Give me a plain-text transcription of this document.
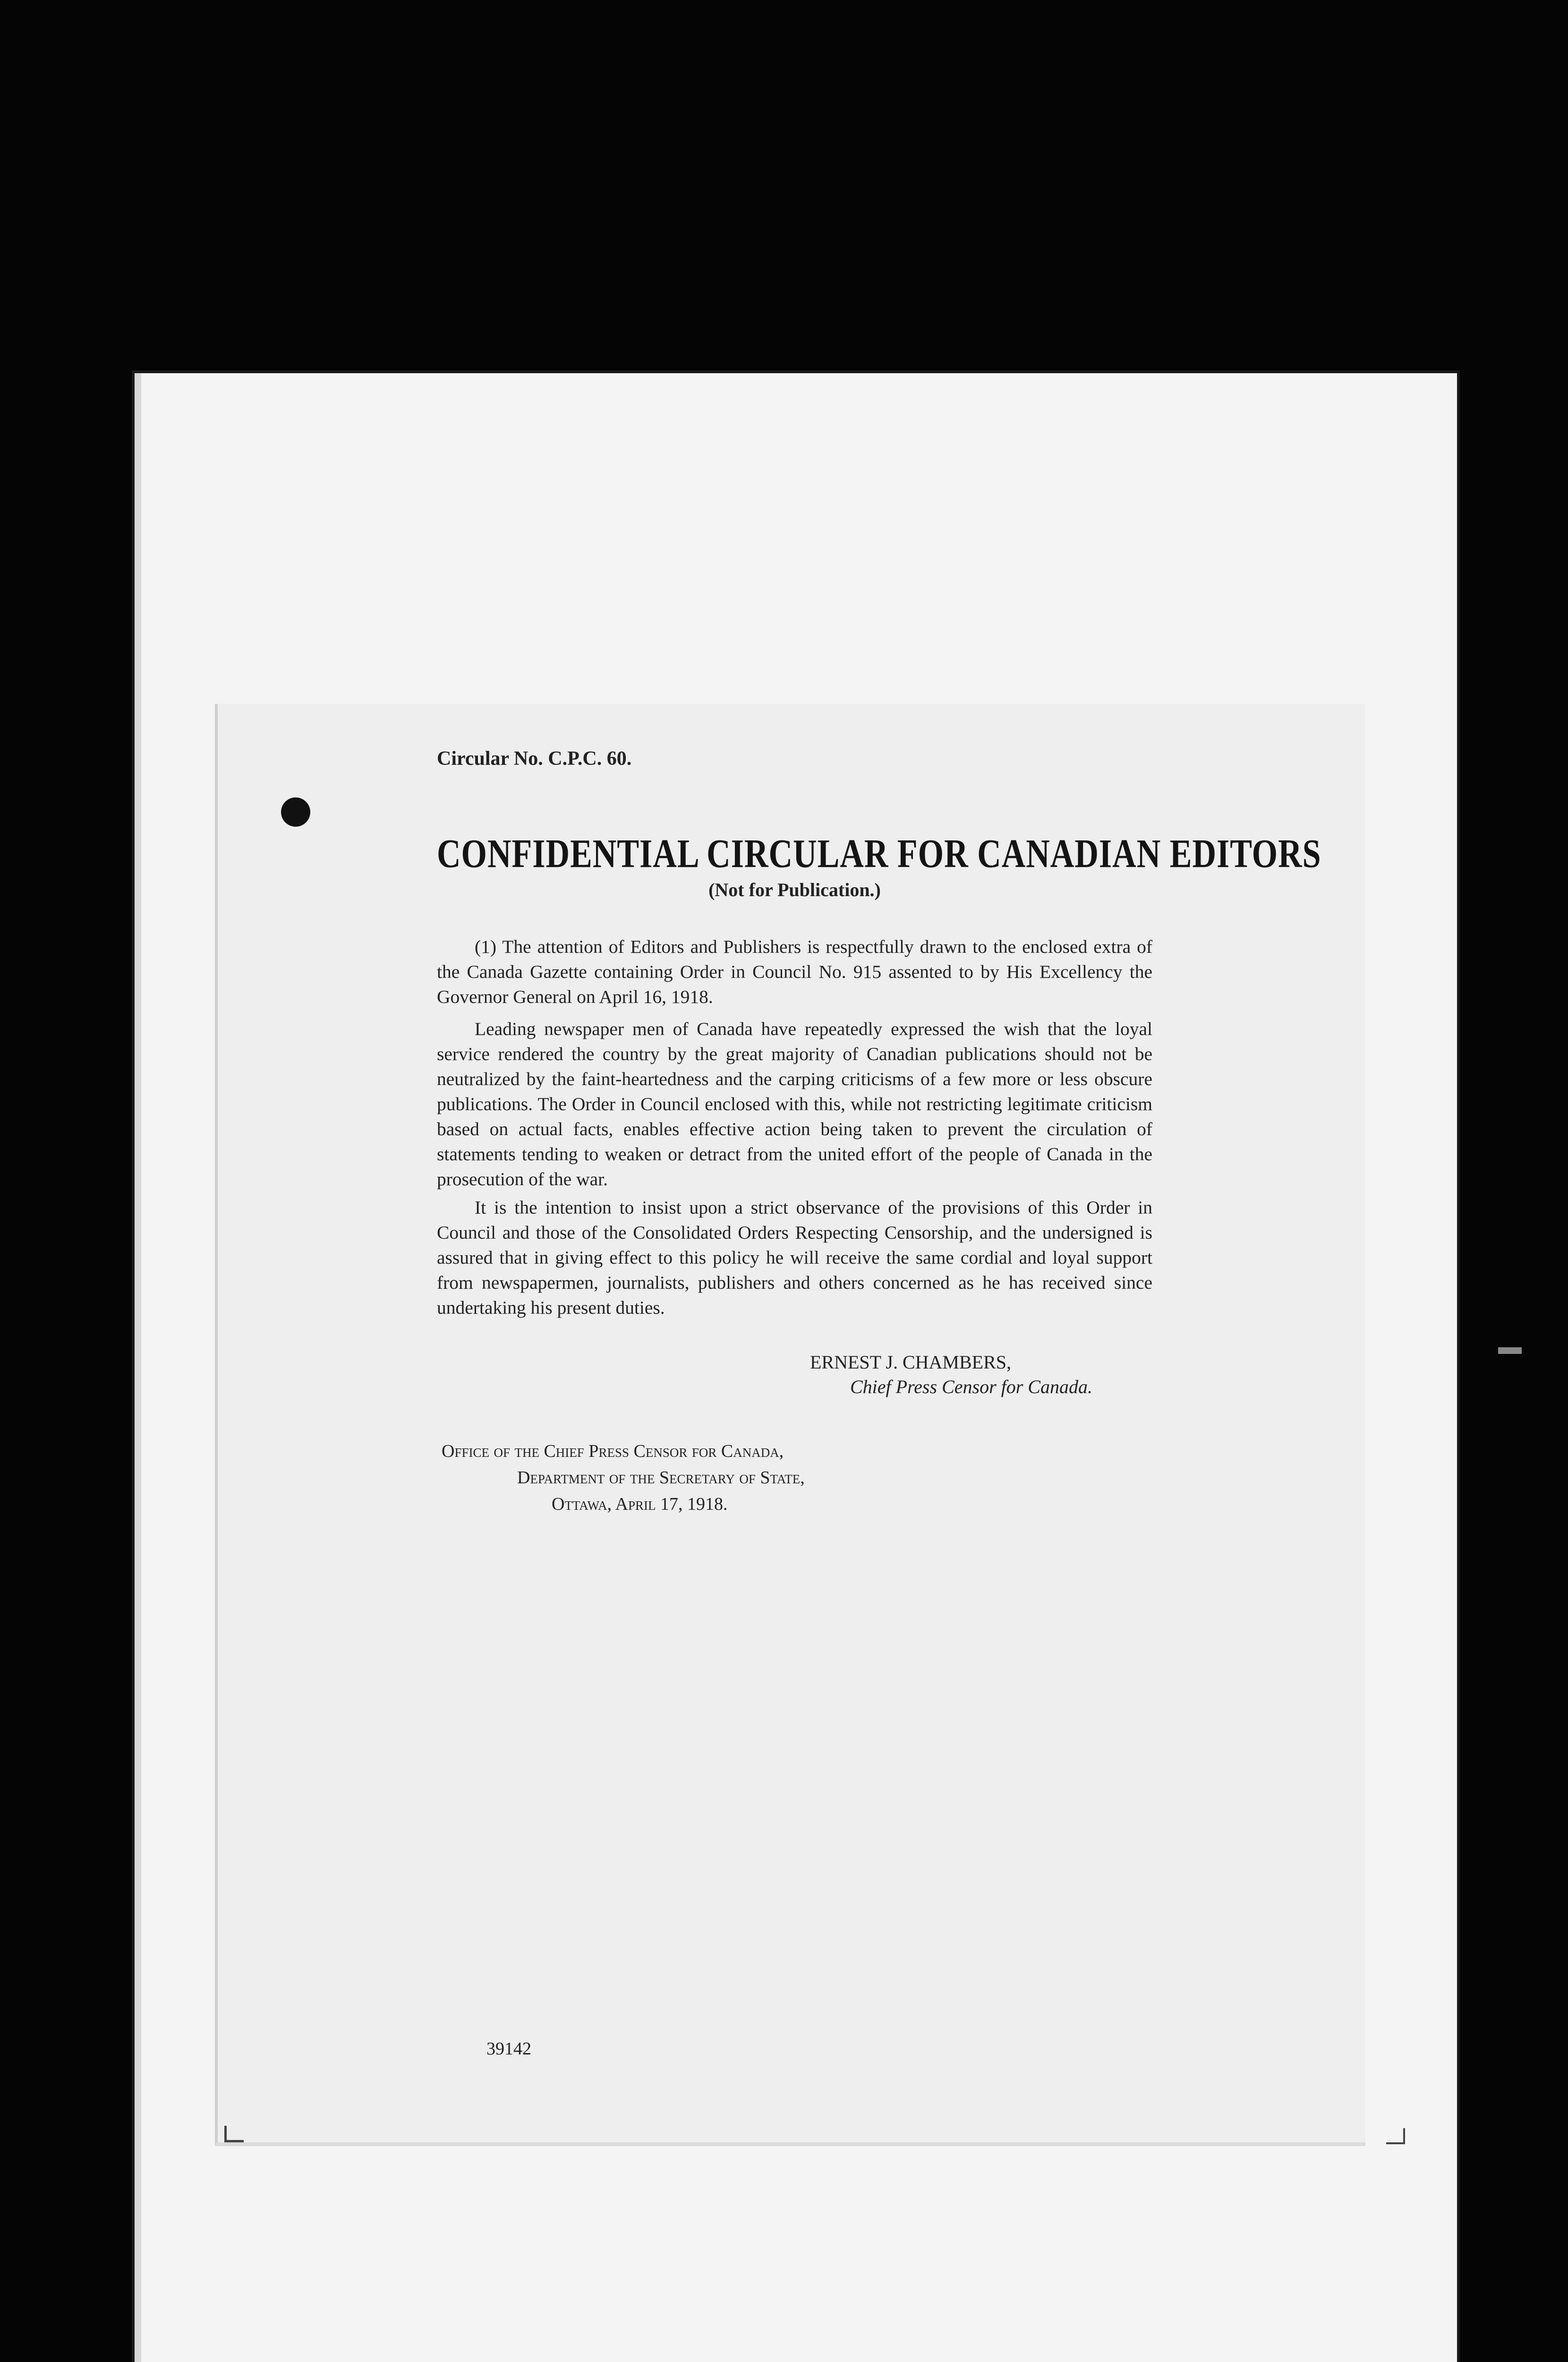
Circular No. C.P.C. 60.
CONFIDENTIAL CIRCULAR FOR CANADIAN EDITORS
(Not for Publication.)

(1) The attention of Editors and Publishers is respectfully drawn to the enclosed extra of the Canada Gazette containing Order in Council No. 915 assented to by His Excellency the Governor General on April 16, 1918.

Leading newspaper men of Canada have repeatedly expressed the wish that the loyal service rendered the country by the great majority of Canadian publications should not be neutralized by the faint-heartedness and the carping criticisms of a few more or less obscure publications. The Order in Council enclosed with this, while not restricting legitimate criticism based on actual facts, enables effective action being taken to prevent the circulation of statements tending to weaken or detract from the united effort of the people of Canada in the prosecution of the war.

It is the intention to insist upon a strict observance of the provisions of this Order in Council and those of the Consolidated Orders Respecting Censorship, and the undersigned is assured that in giving effect to this policy he will receive the same cordial and loyal support from newspapermen, journalists, publishers and others concerned as he has received since undertaking his present duties.

ERNEST J. CHAMBERS,
Chief Press Censor for Canada.
Office of the Chief Press Censor for Canada,
Department of the Secretary of State,
Ottawa, April 17, 1918.
39142
